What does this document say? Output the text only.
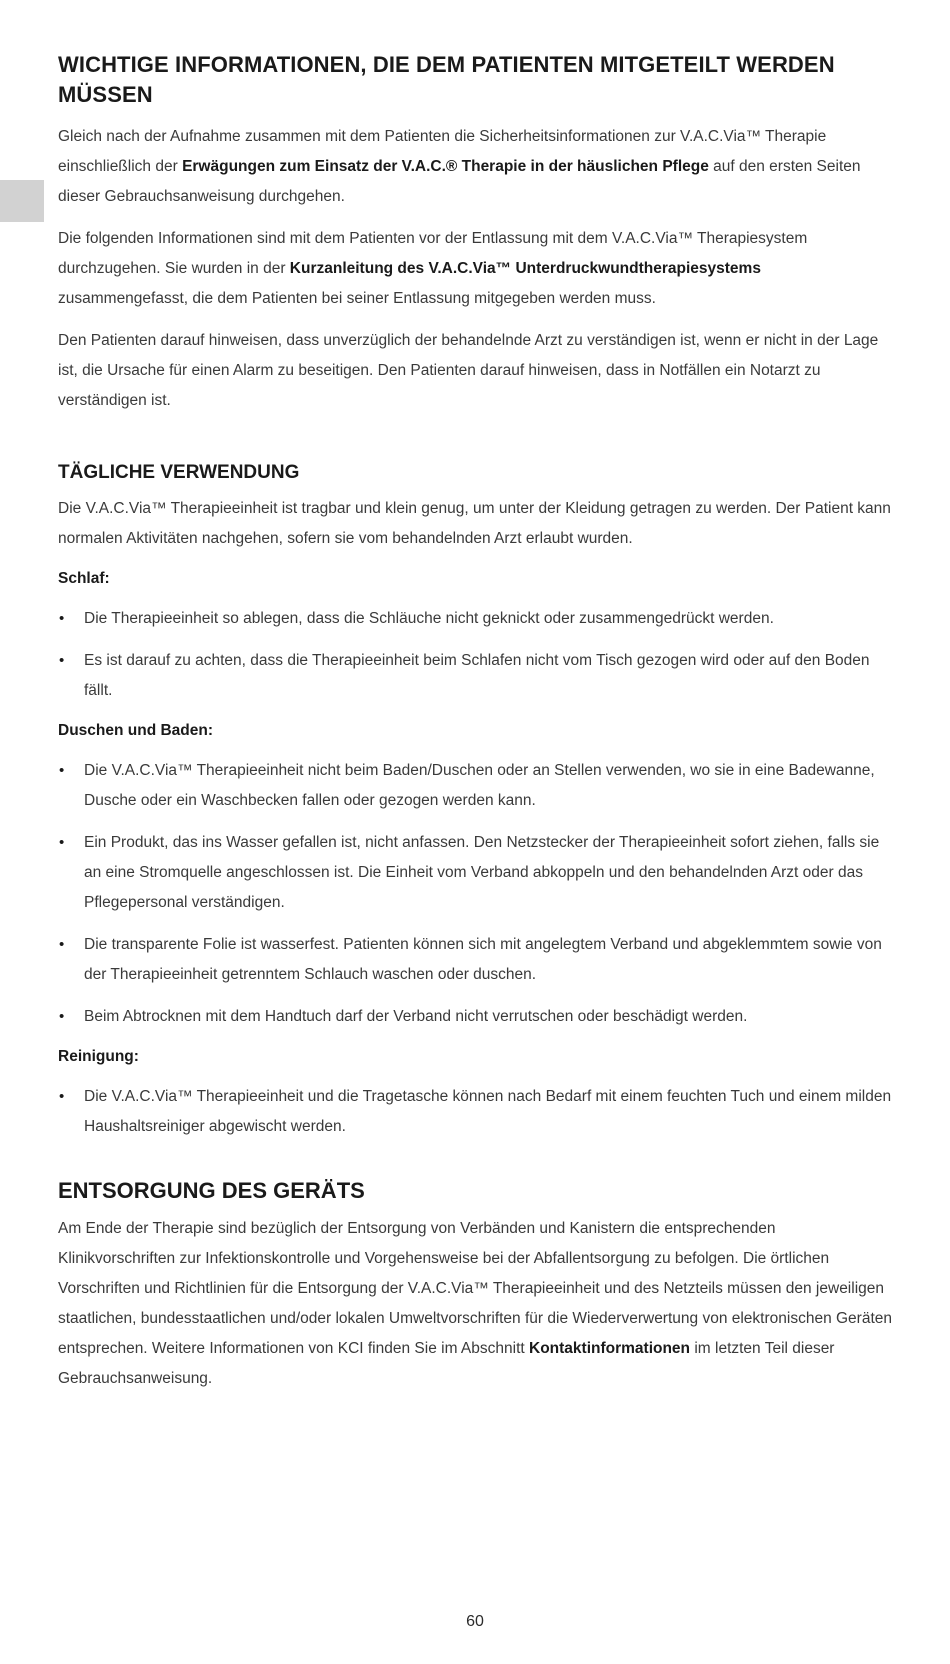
WICHTIGE INFORMATIONEN, DIE DEM PATIENTEN MITGETEILT WERDEN MÜSSEN

Gleich nach der Aufnahme zusammen mit dem Patienten die Sicherheitsinformationen zur V.A.C.Via™ Therapie einschließlich der Erwägungen zum Einsatz der V.A.C.® Therapie in der häuslichen Pflege auf den ersten Seiten dieser Gebrauchsanweisung durchgehen.

Die folgenden Informationen sind mit dem Patienten vor der Entlassung mit dem V.A.C.Via™ Therapiesystem durchzugehen. Sie wurden in der Kurzanleitung des V.A.C.Via™ Unterdruckwundtherapiesystems zusammengefasst, die dem Patienten bei seiner Entlassung mitgegeben werden muss.

Den Patienten darauf hinweisen, dass unverzüglich der behandelnde Arzt zu verständigen ist, wenn er nicht in der Lage ist, die Ursache für einen Alarm zu beseitigen. Den Patienten darauf hinweisen, dass in Notfällen ein Notarzt zu verständigen ist.

TÄGLICHE VERWENDUNG

Die V.A.C.Via™ Therapieeinheit ist tragbar und klein genug, um unter der Kleidung getragen zu werden. Der Patient kann normalen Aktivitäten nachgehen, sofern sie vom behandelnden Arzt erlaubt wurden.

Schlaf:
• Die Therapieeinheit so ablegen, dass die Schläuche nicht geknickt oder zusammengedrückt werden.
• Es ist darauf zu achten, dass die Therapieeinheit beim Schlafen nicht vom Tisch gezogen wird oder auf den Boden fällt.
Duschen und Baden:
• Die V.A.C.Via™ Therapieeinheit nicht beim Baden/Duschen oder an Stellen verwenden, wo sie in eine Badewanne, Dusche oder ein Waschbecken fallen oder gezogen werden kann.
• Ein Produkt, das ins Wasser gefallen ist, nicht anfassen. Den Netzstecker der Therapieeinheit sofort ziehen, falls sie an eine Stromquelle angeschlossen ist. Die Einheit vom Verband abkoppeln und den behandelnden Arzt oder das Pflegepersonal verständigen.
• Die transparente Folie ist wasserfest. Patienten können sich mit angelegtem Verband und abgeklemmtem sowie von der Therapieeinheit getrenntem Schlauch waschen oder duschen.
• Beim Abtrocknen mit dem Handtuch darf der Verband nicht verrutschen oder beschädigt werden.
Reinigung:
• Die V.A.C.Via™ Therapieeinheit und die Tragetasche können nach Bedarf mit einem feuchten Tuch und einem milden Haushaltsreiniger abgewischt werden.
ENTSORGUNG DES GERÄTS

Am Ende der Therapie sind bezüglich der Entsorgung von Verbänden und Kanistern die entsprechenden Klinikvorschriften zur Infektionskontrolle und Vorgehensweise bei der Abfallentsorgung zu befolgen. Die örtlichen Vorschriften und Richtlinien für die Entsorgung der V.A.C.Via™ Therapieeinheit und des Netzteils müssen den jeweiligen staatlichen, bundesstaatlichen und/oder lokalen Umweltvorschriften für die Wiederverwertung von elektronischen Geräten entsprechen. Weitere Informationen von KCI finden Sie im Abschnitt Kontaktinformationen im letzten Teil dieser Gebrauchsanweisung.

60
